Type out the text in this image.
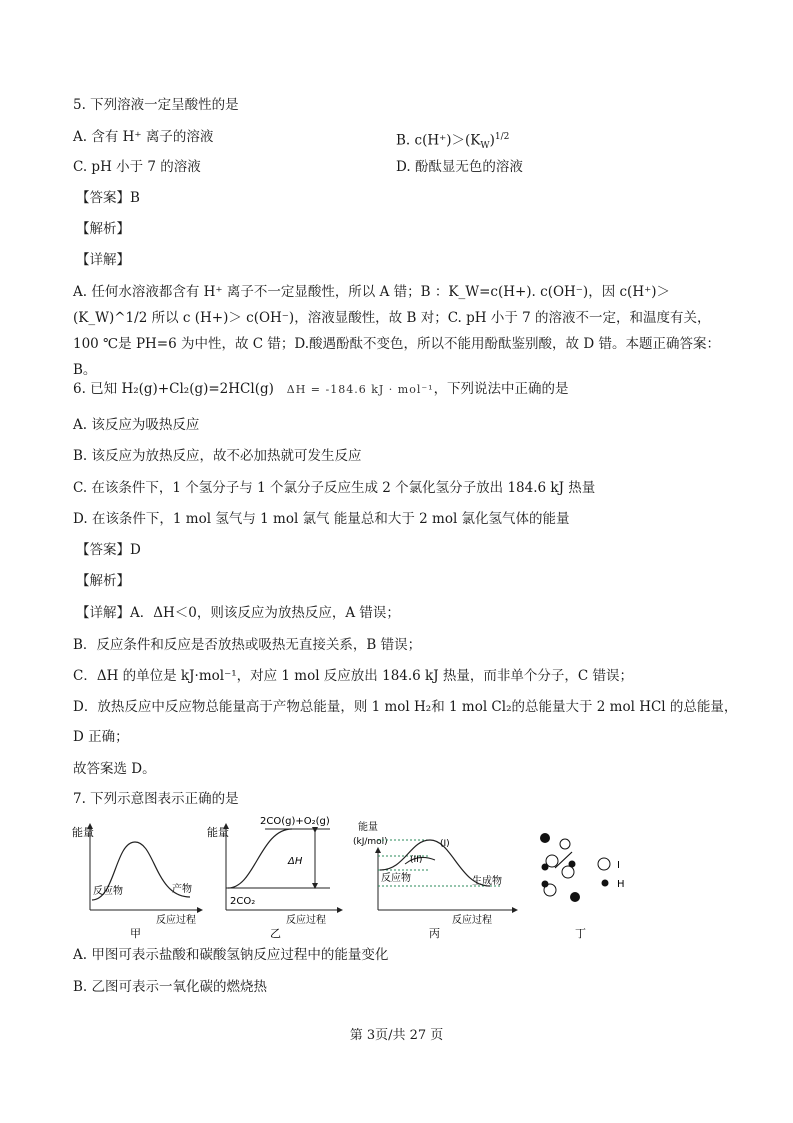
5. 下列溶液一定呈酸性的是
A. 含有 H⁺ 离子的溶液	B. $c(H^+)>(K_W)^{1/2}$
C. pH 小于 7 的溶液	D. 酚酞显无色的溶液
【答案】B
【解析】
【详解】
A. 任何水溶液都含有 H⁺ 离子不一定显酸性，所以 A 错；B ：K_W=c(H+). c(OH⁻)，因 c(H⁺)＞(K_W)^1/2 所以 c (H+)＞ c(OH⁻)，溶液显酸性，故 B 对；C. pH 小于 7 的溶液不一定，和温度有关，100 ℃是 PH=6 为中性，故 C 错；D.酸遇酚酞不变色，所以不能用酚酞鉴别酸，故 D 错。本题正确答案：B。
6. 已知 H₂(g)+Cl₂(g)=2HCl(g) ΔH = -184.6 kJ · mol⁻¹，下列说法中正确的是
A. 该反应为吸热反应
B. 该反应为放热反应，故不必加热就可发生反应
C. 在该条件下，1 个氢分子与 1 个氯分子反应生成 2 个氯化氢分子放出 184.6 kJ 热量
D. 在该条件下，1 mol 氢气与 1 mol 氯气 能量总和大于 2 mol 氯化氢气体的能量
【答案】D
【解析】
【详解】A．ΔH＜0，则该反应为放热反应，A 错误；
B．反应条件和反应是否放热或吸热无直接关系，B 错误；
C．ΔH 的单位是 kJ·mol⁻¹，对应 1 mol 反应放出 184.6 kJ 热量，而非单个分子，C 错误；
D．放热反应中反应物总能量高于产物总能量，则 1 mol H₂和 1 mol Cl₂的总能量大于 2 mol HCl 的总能量，
D 正确；
故答案选 D。
7. 下列示意图表示正确的是
能量
反应物	产物
反应过程
甲
能量
2CO(g)+O₂(g)
ΔH
2CO₂
反应过程
乙
能量
(kJ/mol)	(I)
(II)
反应物	生成物
反应过程
丙
I
H
丁
A. 甲图可表示盐酸和碳酸氢钠反应过程中的能量变化
B. 乙图可表示一氧化碳的燃烧热
第 3页/共 27 页
